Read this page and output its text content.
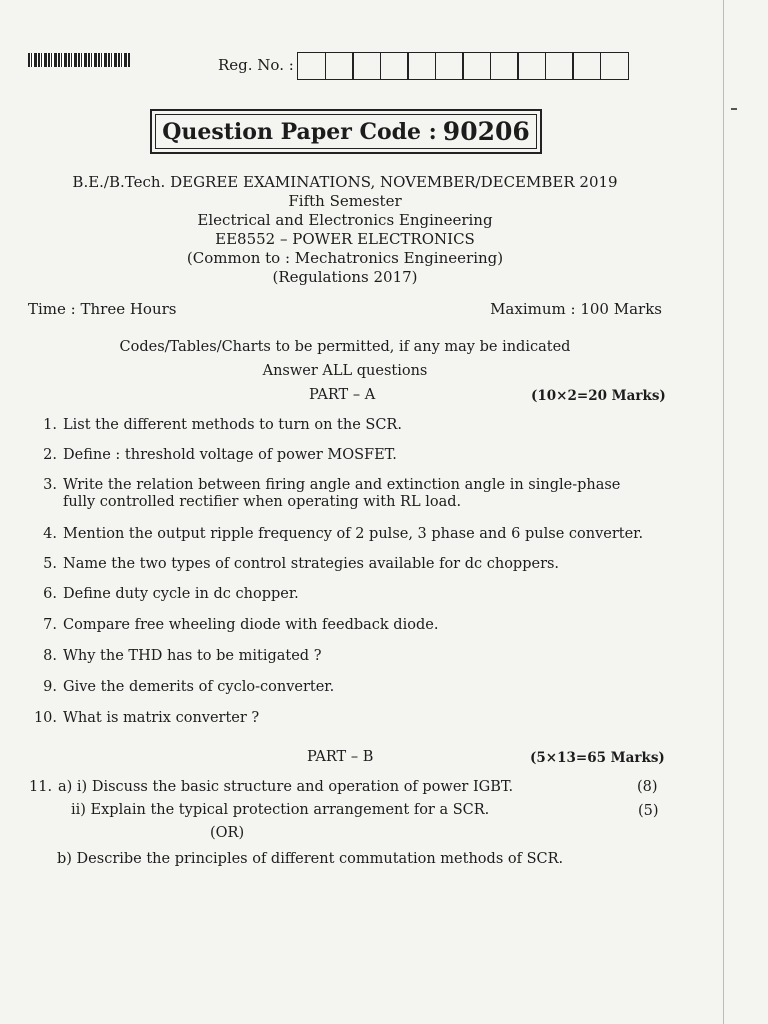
Reg. No. :
Question Paper Code : 90206
B.E./B.Tech. DEGREE EXAMINATIONS, NOVEMBER/DECEMBER 2019
Fifth Semester
Electrical and Electronics Engineering
EE8552 – POWER ELECTRONICS
(Common to : Mechatronics Engineering)
(Regulations 2017)
Time : Three Hours	Maximum : 100 Marks
Codes/Tables/Charts to be permitted, if any may be indicated
Answer ALL questions
PART – A	(10×2=20 Marks)
1. List the different methods to turn on the SCR.
2. Define : threshold voltage of power MOSFET.
3. Write the relation between firing angle and extinction angle in single-phase fully controlled rectifier when operating with RL load.
4. Mention the output ripple frequency of 2 pulse, 3 phase and 6 pulse converter.
5. Name the two types of control strategies available for dc choppers.
6. Define duty cycle in dc chopper.
7. Compare free wheeling diode with feedback diode.
8. Why the THD has to be mitigated ?
9. Give the demerits of cyclo-converter.
10. What is matrix converter ?
PART – B	(5×13=65 Marks)
11. a) i) Discuss the basic structure and operation of power IGBT.	(8)
ii) Explain the typical protection arrangement for a SCR.	(5)
(OR)
b) Describe the principles of different commutation methods of SCR.
